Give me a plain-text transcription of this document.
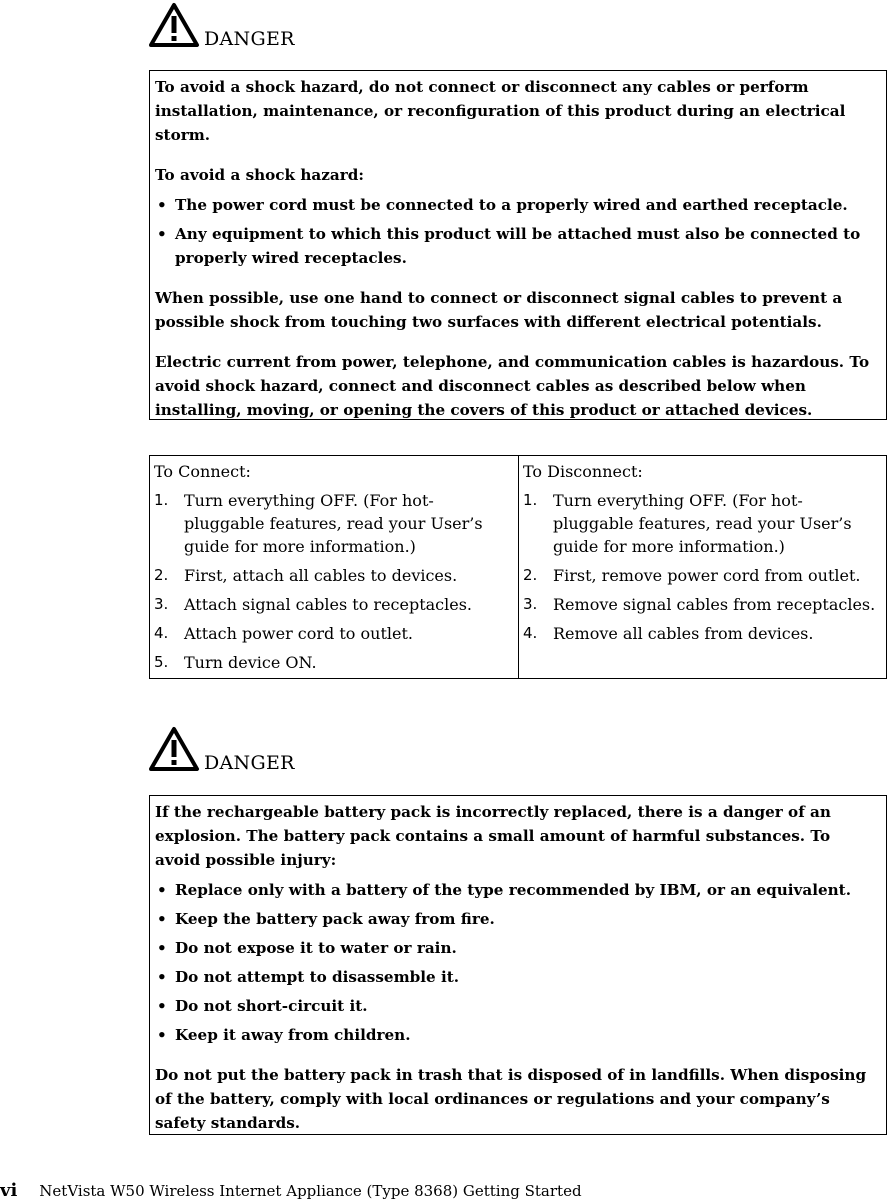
DANGER

To avoid a shock hazard, do not connect or disconnect any cables or perform installation, maintenance, or reconfiguration of this product during an electrical storm.

To avoid a shock hazard:

• The power cord must be connected to a properly wired and earthed receptacle.
• Any equipment to which this product will be attached must also be connected to properly wired receptacles.

When possible, use one hand to connect or disconnect signal cables to prevent a possible shock from touching two surfaces with different electrical potentials.

Electric current from power, telephone, and communication cables is hazardous. To avoid shock hazard, connect and disconnect cables as described below when installing, moving, or opening the covers of this product or attached devices.

To Connect:
1. Turn everything OFF. (For hot-pluggable features, read your User’s guide for more information.)
2. First, attach all cables to devices.
3. Attach signal cables to receptacles.
4. Attach power cord to outlet.
5. Turn device ON.
To Disconnect:
1. Turn everything OFF. (For hot-pluggable features, read your User’s guide for more information.)
2. First, remove power cord from outlet.
3. Remove signal cables from receptacles.
4. Remove all cables from devices.
DANGER

If the rechargeable battery pack is incorrectly replaced, there is a danger of an explosion. The battery pack contains a small amount of harmful substances. To avoid possible injury:

• Replace only with a battery of the type recommended by IBM, or an equivalent.
• Keep the battery pack away from fire.
• Do not expose it to water or rain.
• Do not attempt to disassemble it.
• Do not short-circuit it.
• Keep it away from children.

Do not put the battery pack in trash that is disposed of in landfills. When disposing of the battery, comply with local ordinances or regulations and your company’s safety standards.

vi NetVista W50 Wireless Internet Appliance (Type 8368) Getting Started
